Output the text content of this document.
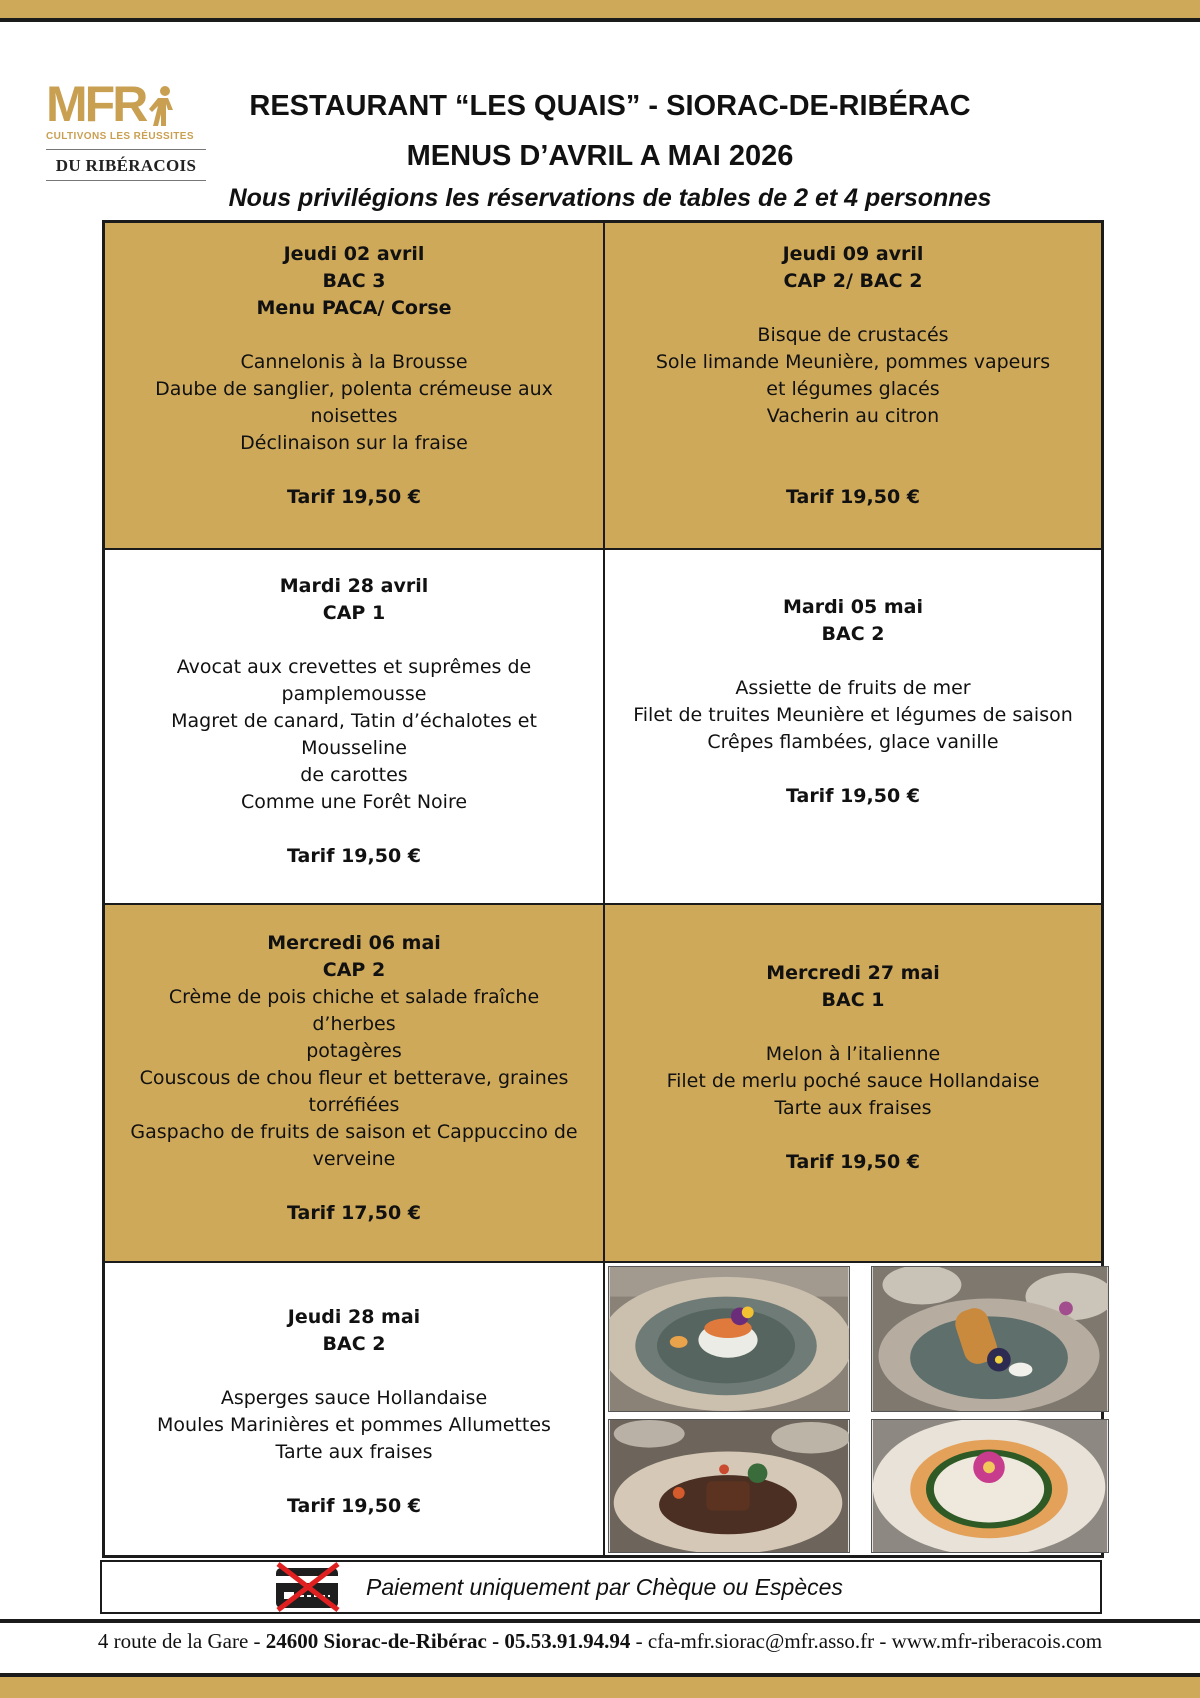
MFR
CULTIVONS LES RÉUSSITES
DU RIBÉRACOIS
RESTAURANT “LES QUAIS” - SIORAC-DE-RIBÉRAC
MENUS D’AVRIL A MAI 2026
Nous privilégions les réservations de tables de 2 et 4 personnes
Jeudi 02 avril
BAC 3
Menu PACA/ Corse
Cannelonis à la Brousse
Daube de sanglier, polenta crémeuse aux
noisettes
Déclinaison sur la fraise
Tarif 19,50 €
Jeudi 09 avril
CAP 2/ BAC 2
Bisque de crustacés
Sole limande Meunière, pommes vapeurs
et légumes glacés
Vacherin au citron
Tarif 19,50 €
Mardi 28 avril
CAP 1
Avocat aux crevettes et suprêmes de
pamplemousse
Magret de canard, Tatin d’échalotes et Mousseline
de carottes
Comme une Forêt Noire
Tarif 19,50 €
Mardi 05 mai
BAC 2
Assiette de fruits de mer
Filet de truites Meunière et légumes de saison
Crêpes flambées, glace vanille
Tarif 19,50 €
Mercredi 06 mai
CAP 2
Crème de pois chiche et salade fraîche d’herbes
potagères
Couscous de chou fleur et betterave, graines
torréfiées
Gaspacho de fruits de saison et Cappuccino de
verveine
Tarif 17,50 €
Mercredi 27 mai
BAC 1
Melon à l’italienne
Filet de merlu poché sauce Hollandaise
Tarte aux fraises
Tarif 19,50 €
Jeudi 28 mai
BAC 2
Asperges sauce Hollandaise
Moules Marinières et pommes Allumettes
Tarte aux fraises
Tarif 19,50 €
Paiement uniquement par Chèque ou Espèces
4 route de la Gare - 24600 Siorac-de-Ribérac - 05.53.91.94.94 - cfa-mfr.siorac@mfr.asso.fr - www.mfr-riberacois.com
